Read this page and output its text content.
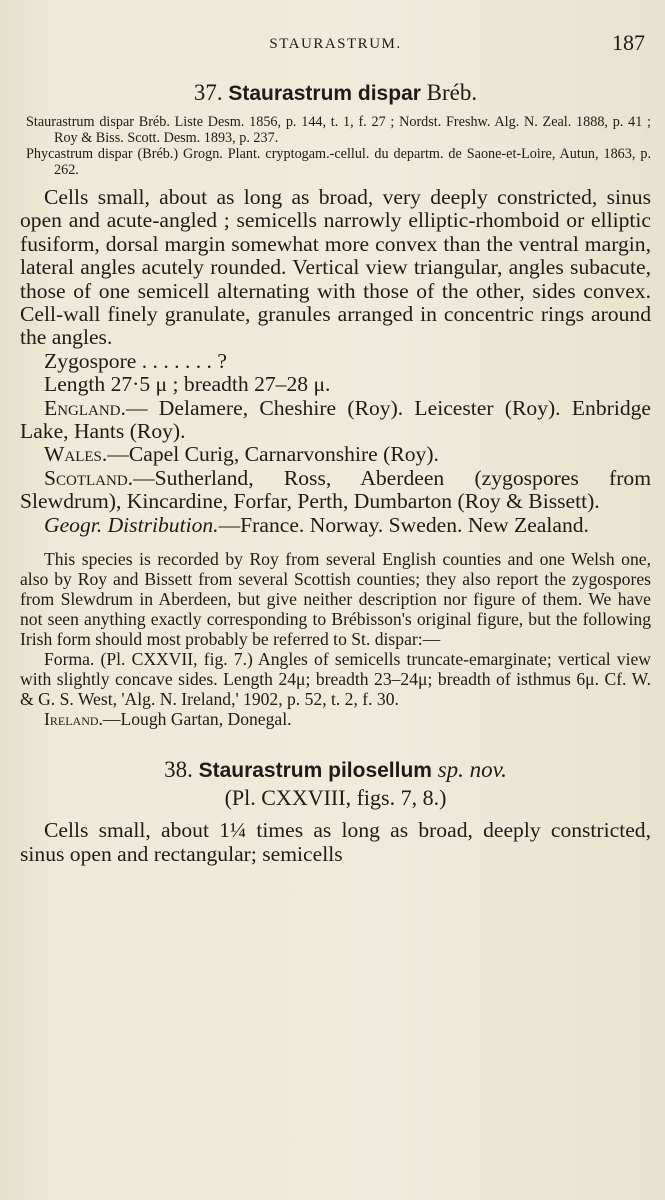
STAURASTRUM.	187
37. Staurastrum dispar Bréb.

Staurastrum dispar Bréb. Liste Desm. 1856, p. 144, t. 1, f. 27 ; Nordst. Freshw. Alg. N. Zeal. 1888, p. 41 ; Roy & Biss. Scott. Desm. 1893, p. 237.

Phycastrum dispar (Bréb.) Grogn. Plant. cryptogam.-cellul. du departm. de Saone-et-Loire, Autun, 1863, p. 262.

Cells small, about as long as broad, very deeply constricted, sinus open and acute-angled ; semicells narrowly elliptic-rhomboid or elliptic fusiform, dorsal margin somewhat more convex than the ventral margin, lateral angles acutely rounded. Vertical view triangular, angles subacute, those of one semicell alternating with those of the other, sides convex. Cell-wall finely granulate, granules arranged in concentric rings around the angles.

Zygospore . . . . . . . ?

Length 27·5 μ ; breadth 27–28 μ.

England.— Delamere, Cheshire (Roy). Leicester (Roy). Enbridge Lake, Hants (Roy).

Wales.—Capel Curig, Carnarvonshire (Roy).

Scotland.—Sutherland, Ross, Aberdeen (zygospores from Slewdrum), Kincardine, Forfar, Perth, Dumbarton (Roy & Bissett).

Geogr. Distribution.—France. Norway. Sweden. New Zealand.

This species is recorded by Roy from several English counties and one Welsh one, also by Roy and Bissett from several Scottish counties; they also report the zygospores from Slewdrum in Aberdeen, but give neither description nor figure of them. We have not seen anything exactly corresponding to Brébisson's original figure, but the following Irish form should most probably be referred to St. dispar:—

Forma. (Pl. CXXVII, fig. 7.) Angles of semicells truncate-emarginate; vertical view with slightly concave sides. Length 24μ; breadth 23–24μ; breadth of isthmus 6μ. Cf. W. & G. S. West, 'Alg. N. Ireland,' 1902, p. 52, t. 2, f. 30.

Ireland.—Lough Gartan, Donegal.

38. Staurastrum pilosellum sp. nov.
(Pl. CXXVIII, figs. 7, 8.)

Cells small, about 1¼ times as long as broad, deeply constricted, sinus open and rectangular; semicells
